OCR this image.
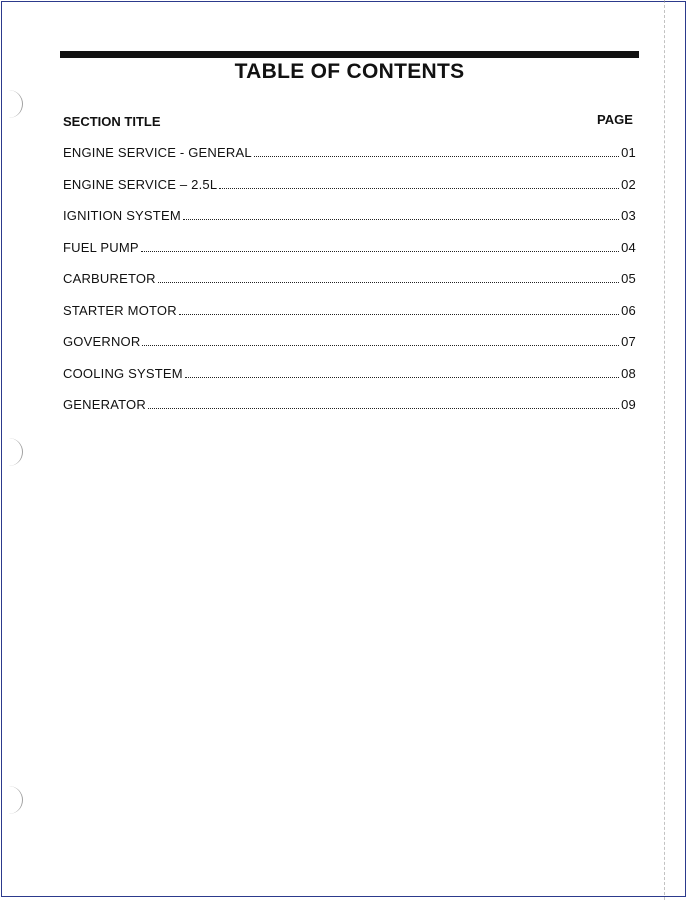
TABLE OF CONTENTS
SECTION TITLE	PAGE
ENGINE SERVICE - GENERAL	01
ENGINE SERVICE – 2.5L	02
IGNITION SYSTEM	03
FUEL PUMP	04
CARBURETOR	05
STARTER MOTOR	06
GOVERNOR	07
COOLING SYSTEM	08
GENERATOR	09
